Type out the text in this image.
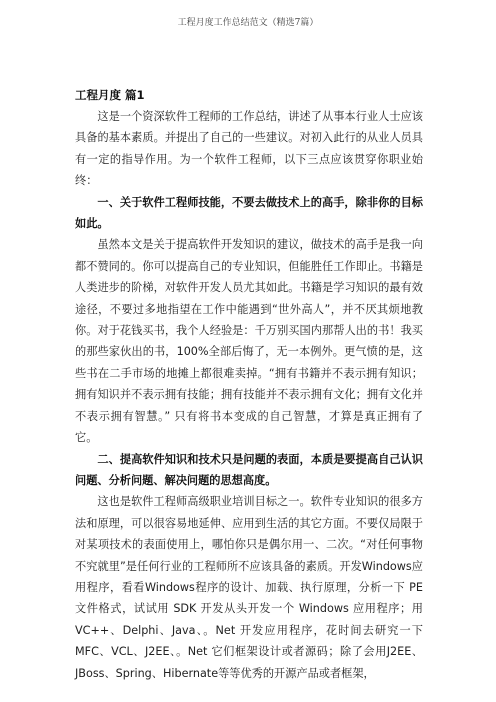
工程月度工作总结范文（精选7篇）
工程月度 篇1

这是一个资深软件工程师的工作总结，讲述了从事本行业人士应该具备的基本素质。并提出了自己的一些建议。对初入此行的从业人员具有一定的指导作用。为一个软件工程师，以下三点应该贯穿你职业始终：

一、关于软件工程师技能，不要去做技术上的高手，除非你的目标如此。

虽然本文是关于提高软件开发知识的建议，做技术的高手是我一向都不赞同的。你可以提高自己的专业知识，但能胜任工作即止。书籍是人类进步的阶梯，对软件开发人员尤其如此。书籍是学习知识的最有效途径，不要过多地指望在工作中能遇到“世外高人”，并不厌其烦地教你。对于花钱买书，我个人经验是：千万别买国内那帮人出的书！我买的那些家伙出的书，100%全部后悔了，无一本例外。更气愤的是，这些书在二手市场的地摊上都很难卖掉。“拥有书籍并不表示拥有知识；拥有知识并不表示拥有技能；拥有技能并不表示拥有文化；拥有文化并不表示拥有智慧。” 只有将书本变成的自己智慧，才算是真正拥有了它。

二、提高软件知识和技术只是问题的表面，本质是要提高自己认识问题、分析问题、解决问题的思想高度。

这也是软件工程师高级职业培训目标之一。软件专业知识的很多方法和原理，可以很容易地延伸、应用到生活的其它方面。不要仅局限于对某项技术的表面使用上，哪怕你只是偶尔用一、二次。“对任何事物不究就里”是任何行业的工程师所不应该具备的素质。开发Windows应用程序，看看Windows程序的设计、加载、执行原理，分析一下 PE 文件格式，试试用 SDK 开发从头开发一个 Windows 应用程序；用 VC++、Delphi、Java、。Net 开发应用程序，花时间去研究一下 MFC、VCL、J2EE、。Net 它们框架设计或者源码；除了会用J2EE、JBoss、Spring、Hibernate等等优秀的开源产品或者框架，
